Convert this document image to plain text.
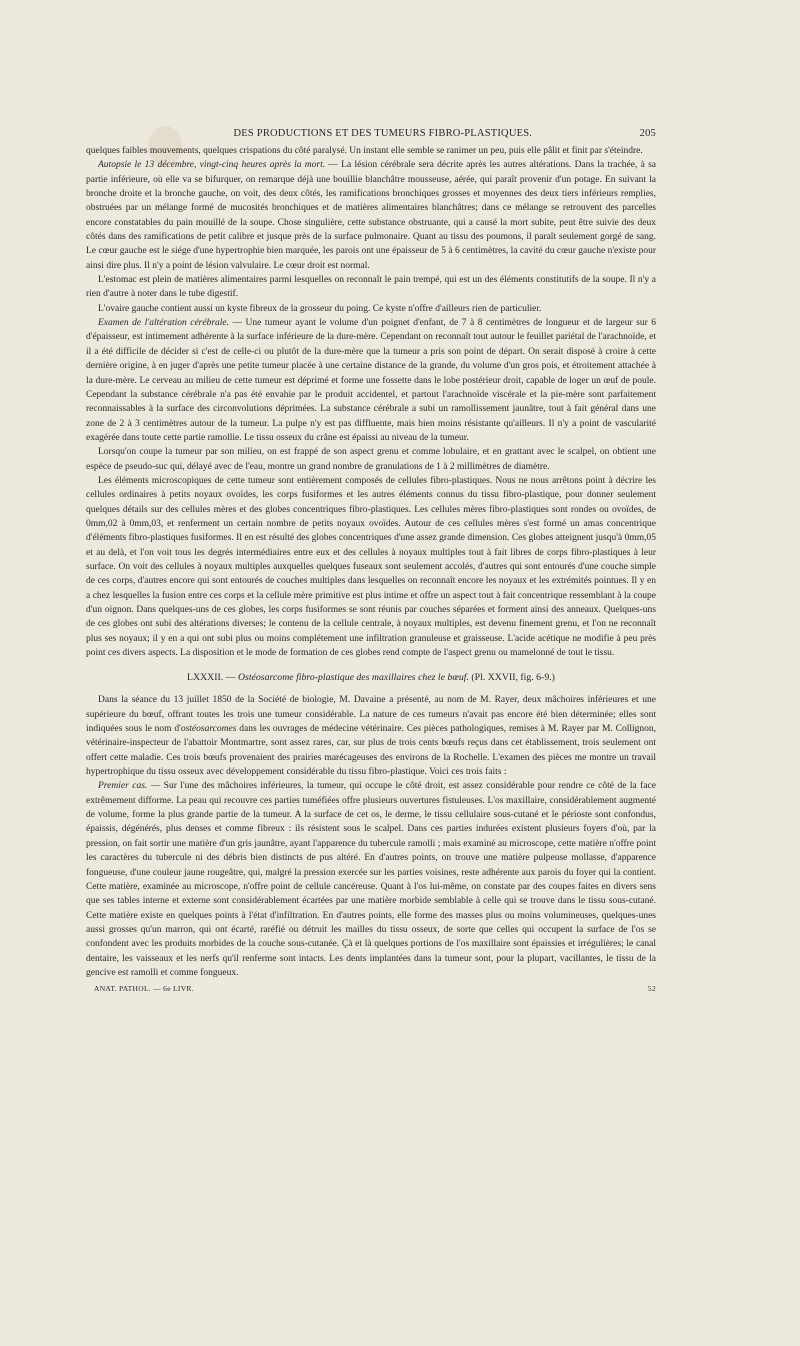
DES PRODUCTIONS ET DES TUMEURS FIBRO-PLASTIQUES.	205

quelques faibles mouvements, quelques crispations du côté paralysé. Un instant elle semble se ranimer un peu, puis elle pâlit et finit par s'éteindre.

Autopsie le 13 décembre, vingt-cinq heures après la mort. — La lésion cérébrale sera décrite après les autres altérations. Dans la trachée, à sa partie inférieure, où elle va se bifurquer, on remarque déjà une bouillie blanchâtre mousseuse, aérée, qui paraît provenir d'un potage. En suivant la bronche droite et la bronche gauche, on voit, des deux côtés, les ramifications bronchiques grosses et moyennes des deux tiers inférieurs remplies, obstruées par un mélange formé de mucosités bronchiques et de matières alimentaires blanchâtres; dans ce mélange se retrouvent des parcelles encore constatables du pain mouillé de la soupe. Chose singulière, cette substance obstruante, qui a causé la mort subite, peut être suivie des deux côtés dans des ramifications de petit calibre et jusque près de la surface pulmonaire. Quant au tissu des poumons, il paraît seulement gorgé de sang. Le cœur gauche est le siége d'une hypertrophie bien marquée, les parois ont une épaisseur de 5 à 6 centimètres, la cavité du cœur gauche n'existe pour ainsi dire plus. Il n'y a point de lésion valvulaire. Le cœur droit est normal.

L'estomac est plein de matières alimentaires parmi lesquelles on reconnaît le pain trempé, qui est un des éléments constitutifs de la soupe. Il n'y a rien d'autre à noter dans le tube digestif.

L'ovaire gauche contient aussi un kyste fibreux de la grosseur du poing. Ce kyste n'offre d'ailleurs rien de particulier.

Examen de l'altération cérébrale. — Une tumeur ayant le volume d'un poignet d'enfant, de 7 à 8 centimètres de longueur et de largeur sur 6 d'épaisseur, est intimement adhérente à la surface inférieure de la dure-mère. Cependant on reconnaît tout autour le feuillet pariétal de l'arachnoïde, et il a été difficile de décider si c'est de celle-ci ou plutôt de la dure-mère que la tumeur a pris son point de départ. On serait disposé à croire à cette dernière origine, à en juger d'après une petite tumeur placée à une certaine distance de la grande, du volume d'un gros pois, et étroitement attachée à la dure-mère. Le cerveau au milieu de cette tumeur est déprimé et forme une fossette dans le lobe postérieur droit, capable de loger un œuf de poule. Cependant la substance cérébrale n'a pas été envahie par le produit accidentel, et partout l'arachnoïde viscérale et la pie-mère sont parfaitement reconnaissables à la surface des circonvolutions déprimées. La substance cérébrale a subi un ramollissement jaunâtre, tout à fait général dans une zone de 2 à 3 centimètres autour de la tumeur. La pulpe n'y est pas diffluente, mais bien moins résistante qu'ailleurs. Il n'y a point de vascularité exagérée dans toute cette partie ramollie. Le tissu osseux du crâne est épaissi au niveau de la tumeur.

Lorsqu'on coupe la tumeur par son milieu, on est frappé de son aspect grenu et comme lobulaire, et en grattant avec le scalpel, on obtient une espèce de pseudo-suc qui, délayé avec de l'eau, montre un grand nombre de granulations de 1 à 2 millimètres de diamètre.

Les éléments microscopiques de cette tumeur sont entièrement composés de cellules fibro-plastiques. Nous ne nous arrêtons point à décrire les cellules ordinaires à petits noyaux ovoïdes, les corps fusiformes et les autres éléments connus du tissu fibro-plastique, pour donner seulement quelques détails sur des cellules mères et des globes concentriques fibro-plastiques. Les cellules mères fibro-plastiques sont rondes ou ovoïdes, de 0mm,02 à 0mm,03, et renferment un certain nombre de petits noyaux ovoïdes. Autour de ces cellules mères s'est formé un amas concentrique d'éléments fibro-plastiques fusiformes. Il en est résulté des globes concentriques d'une assez grande dimension. Ces globes atteignent jusqu'à 0mm,05 et au delà, et l'on voit tous les degrés intermédiaires entre eux et des cellules à noyaux multiples tout à fait libres de corps fibro-plastiques à leur surface. On voit des cellules à noyaux multiples auxquelles quelques fuseaux sont seulement accolés, d'autres qui sont entourés d'une couche simple de ces corps, d'autres encore qui sont entourés de couches multiples dans lesquelles on reconnaît encore les noyaux et les extrémités pointues. Il y en a chez lesquelles la fusion entre ces corps et la cellule mère primitive est plus intime et offre un aspect tout à fait concentrique ressemblant à la coupe d'un oignon. Dans quelques-uns de ces globes, les corps fusiformes se sont réunis par couches séparées et forment ainsi des anneaux. Quelques-uns de ces globes ont subi des altérations diverses; le contenu de la cellule centrale, à noyaux multiples, est devenu finement grenu, et l'on ne reconnaît plus ses noyaux; il y en a qui ont subi plus ou moins complétement une infiltration granuleuse et graisseuse. L'acide acétique ne modifie à peu près point ces divers aspects. La disposition et le mode de formation de ces globes rend compte de l'aspect grenu ou mamelonné de tout le tissu.

LXXXII. — Ostéosarcome fibro-plastique des maxillaires chez le bœuf. (Pl. XXVII, fig. 6-9.)

Dans la séance du 13 juillet 1850 de la Société de biologie, M. Davaine a présenté, au nom de M. Rayer, deux mâchoires inférieures et une supérieure du bœuf, offrant toutes les trois une tumeur considérable. La nature de ces tumeurs n'avait pas encore été bien déterminée; elles sont indiquées sous le nom d'ostéosarcomes dans les ouvrages de médecine vétérinaire. Ces pièces pathologiques, remises à M. Rayer par M. Collignon, vétérinaire-inspecteur de l'abattoir Montmartre, sont assez rares, car, sur plus de trois cents bœufs reçus dans cet établissement, trois seulement ont offert cette maladie. Ces trois bœufs provenaient des prairies marécageuses des environs de la Rochelle. L'examen des pièces me montre un travail hypertrophique du tissu osseux avec développement considérable du tissu fibro-plastique. Voici ces trois faits :

Premier cas. — Sur l'une des mâchoires inférieures, la tumeur, qui occupe le côté droit, est assez considérable pour rendre ce côté de la face extrêmement difforme. La peau qui recouvre ces parties tuméfiées offre plusieurs ouvertures fistuleuses. L'os maxillaire, considérablement augmenté de volume, forme la plus grande partie de la tumeur. A la surface de cet os, le derme, le tissu cellulaire sous-cutané et le périoste sont confondus, épaissis, dégénérés, plus denses et comme fibreux : ils résistent sous le scalpel. Dans ces parties indurées existent plusieurs foyers d'où, par la pression, on fait sortir une matière d'un gris jaunâtre, ayant l'apparence du tubercule ramolli ; mais examiné au microscope, cette matière n'offre point les caractères du tubercule ni des débris bien distincts de pus altéré. En d'autres points, on trouve une matière pulpeuse mollasse, d'apparence fongueuse, d'une couleur jaune rougeâtre, qui, malgré la pression exercée sur les parties voisines, reste adhérente aux parois du foyer qui la contient. Cette matière, examinée au microscope, n'offre point de cellule cancéreuse. Quant à l'os lui-même, on constate par des coupes faites en divers sens que ses tables interne et externe sont considérablement écartées par une matière morbide semblable à celle qui se trouve dans le tissu sous-cutané. Cette matière existe en quelques points à l'état d'infiltration. En d'autres points, elle forme des masses plus ou moins volumineuses, quelques-unes aussi grosses qu'un marron, qui ont écarté, raréfié ou détruit les mailles du tissu osseux, de sorte que celles qui occupent la surface de l'os se confondent avec les produits morbides de la couche sous-cutanée. Çà et là quelques portions de l'os maxillaire sont épaissies et irrégulières; le canal dentaire, les vaisseaux et les nerfs qu'il renferme sont intacts. Les dents implantées dans la tumeur sont, pour la plupart, vacillantes, le tissu de la gencive est ramolli et comme fongueux.

ANAT. PATHOL. — 6e LIVR.	52
